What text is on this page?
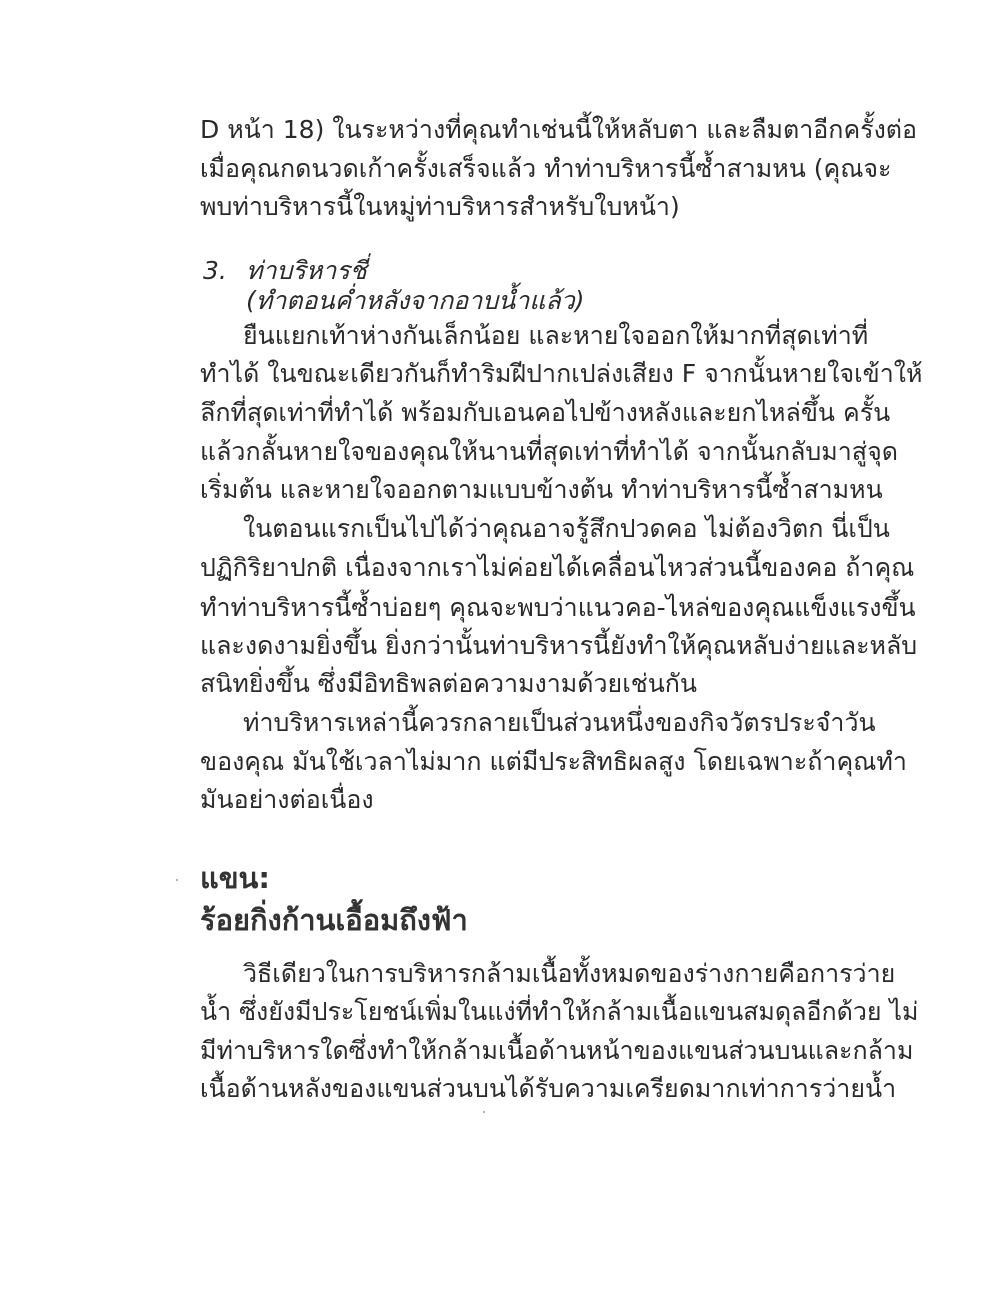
D หน้า 18) ในระหว่างที่คุณทำเช่นนี้ให้หลับตา และลืมตาอีกครั้งต่อ
เมื่อคุณกดนวดเก้าครั้งเสร็จแล้ว ทำท่าบริหารนี้ซ้ำสามหน (คุณจะ
พบท่าบริหารนี้ในหมู่ท่าบริหารสำหรับใบหน้า)
3. ท่าบริหารชี่
(ทำตอนค่ำหลังจากอาบน้ำแล้ว)
ยืนแยกเท้าห่างกันเล็กน้อย และหายใจออกให้มากที่สุดเท่าที่
ทำได้ ในขณะเดียวกันก็ทำริมฝีปากเปล่งเสียง F จากนั้นหายใจเข้าให้
ลึกที่สุดเท่าที่ทำได้ พร้อมกับเอนคอไปข้างหลังและยกไหล่ขึ้น ครั้น
แล้วกลั้นหายใจของคุณให้นานที่สุดเท่าที่ทำได้ จากนั้นกลับมาสู่จุด
เริ่มต้น และหายใจออกตามแบบข้างต้น ทำท่าบริหารนี้ซ้ำสามหน
ในตอนแรกเป็นไปได้ว่าคุณอาจรู้สึกปวดคอ ไม่ต้องวิตก นี่เป็น
ปฏิกิริยาปกติ เนื่องจากเราไม่ค่อยได้เคลื่อนไหวส่วนนี้ของคอ ถ้าคุณ
ทำท่าบริหารนี้ซ้ำบ่อยๆ คุณจะพบว่าแนวคอ-ไหล่ของคุณแข็งแรงขึ้น
และงดงามยิ่งขึ้น ยิ่งกว่านั้นท่าบริหารนี้ยังทำให้คุณหลับง่ายและหลับ
สนิทยิ่งขึ้น ซึ่งมีอิทธิพลต่อความงามด้วยเช่นกัน
ท่าบริหารเหล่านี้ควรกลายเป็นส่วนหนึ่งของกิจวัตรประจำวัน
ของคุณ มันใช้เวลาไม่มาก แต่มีประสิทธิผลสูง โดยเฉพาะถ้าคุณทำ
มันอย่างต่อเนื่อง
แขน:
ร้อยกิ่งก้านเอื้อมถึงฟ้า
วิธีเดียวในการบริหารกล้ามเนื้อทั้งหมดของร่างกายคือการว่าย
น้ำ ซึ่งยังมีประโยชน์เพิ่มในแง่ที่ทำให้กล้ามเนื้อแขนสมดุลอีกด้วย ไม่
มีท่าบริหารใดซึ่งทำให้กล้ามเนื้อด้านหน้าของแขนส่วนบนและกล้าม
เนื้อด้านหลังของแขนส่วนบนได้รับความเครียดมากเท่าการว่ายน้ำ
